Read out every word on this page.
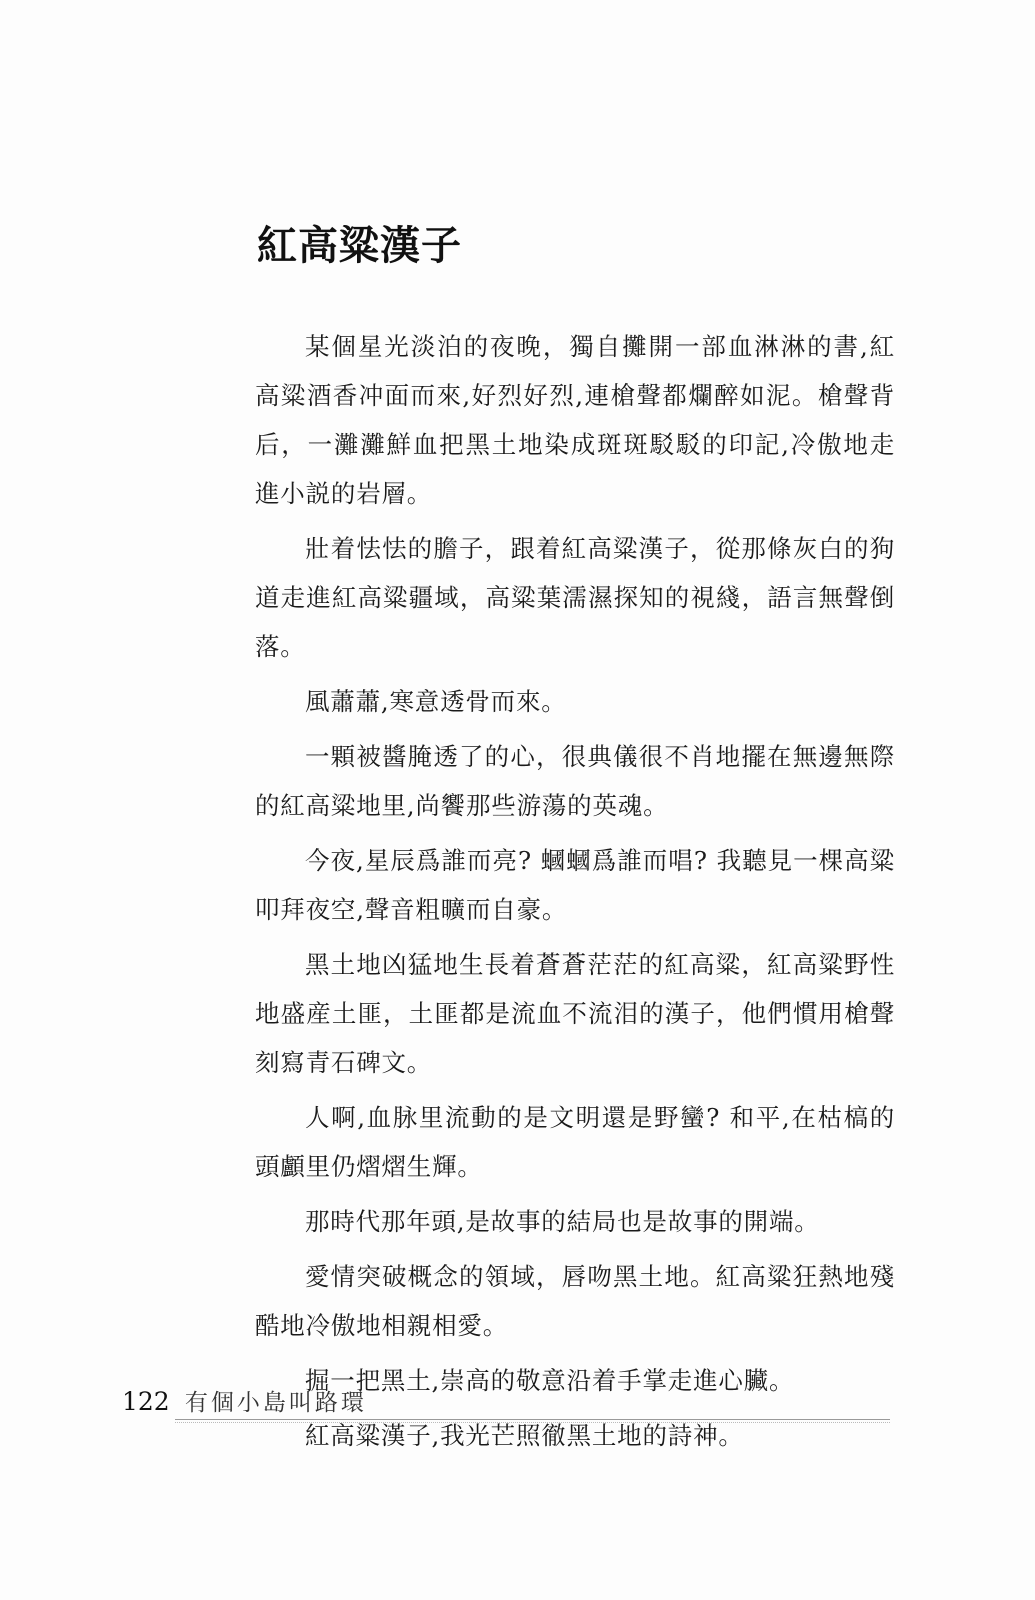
紅高粱漢子

某個星光淡泊的夜晚，獨自攤開一部血淋淋的書,紅高粱酒香冲面而來,好烈好烈,連槍聲都爛醉如泥。槍聲背后，一灘灘鮮血把黑土地染成斑斑駁駁的印記,冷傲地走進小説的岩層。

壯着怯怯的膽子，跟着紅高粱漢子，從那條灰白的狗道走進紅高粱疆域，高粱葉濡濕探知的視綫，語言無聲倒落。

風蕭蕭,寒意透骨而來。

一顆被醬腌透了的心，很典儀很不肖地擺在無邊無際的紅高粱地里,尚饗那些游蕩的英魂。

今夜,星辰爲誰而亮? 蟈蟈爲誰而唱? 我聽見一棵高粱叩拜夜空,聲音粗曠而自豪。

黑土地凶猛地生長着蒼蒼茫茫的紅高粱，紅高粱野性地盛産土匪，土匪都是流血不流泪的漢子，他們慣用槍聲刻寫青石碑文。

人啊,血脉里流動的是文明還是野蠻? 和平,在枯槁的頭顱里仍熠熠生輝。

那時代那年頭,是故事的結局也是故事的開端。

愛情突破概念的領域，唇吻黑土地。紅高粱狂熱地殘酷地冷傲地相親相愛。

掘一把黑土,崇高的敬意沿着手掌走進心臟。

紅高粱漢子,我光芒照徹黑土地的詩神。

122 有個小島叫路環
